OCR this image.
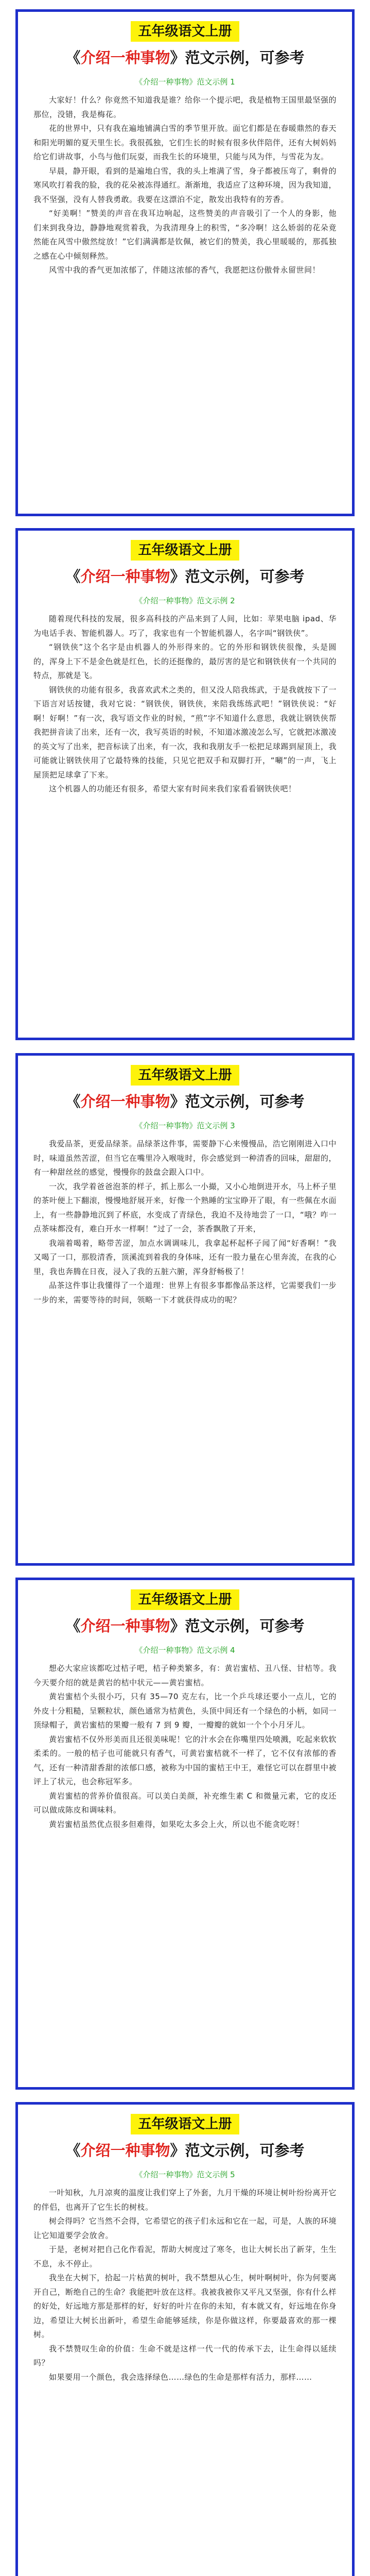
五年级语文上册
《介绍一种事物》范文示例，可参考
《介绍一种事物》范文示例 1

大家好！什么？你竟然不知道我是谁？给你一个提示吧，我是植物王国里最坚强的那位，没错，我是梅花。

花的世界中，只有我在遍地铺满白雪的季节里开放。面它们都是在春暖鼎然的春天和阳光明媚的夏天里生长。我很孤独，它们生长的时候有很多伙伴陪伴，还有大树妈妈给它们讲故事，小鸟与他们玩耍，而我生长的环境里，只能与风为伴，与雪花为友。

早晨，静开眼，看到的是遍地白雪，我的头上堆满了雪，身子都被压弯了，剩骨的寒风吹打着我的脸，我的花朵被冻得通红。渐渐地，我适应了这种环境，因为我知道，我不坚强，没有人替我勇敢。我要在这漂泊不定，散发出我特有的芳香。

“好美啊！”赞美的声音在我耳边响起，这些赞美的声音吸引了一个人的身影，他们来到我身边，静静地观赏着我，为我清理身上的积雪，“多冷啊！这么娇弱的花朵竟然能在风雪中傲然绽放！”它们满满都是钦佩，被它们的赞美，我心里暖暖的，那孤独之感在心中倾刻释然。

风雪中我的香气更加浓郁了，伴随这浓郁的香气，我愿把这份傲骨永留世间！

五年级语文上册
《介绍一种事物》范文示例，可参考
《介绍一种事物》范文示例 2

随着现代科技的发展，很多高科技的产品来到了人间，比如：苹果电脑 ipad、华为电话手表、智能机器人。巧了，我家也有一个智能机器人，名字叫“钢铁侠”。

“钢铁侠”这个名字是由机器人的外形得来的。它的外形和钢铁侠很像，头是圆的，浑身上下不是金色就是红色，长的还挺像的，最厉害的是它和钢铁侠有一个共同的特点，那就是飞。

钢铁侠的功能有很多，我喜欢武术之类的，但又没人陪我练武，于是我就按下了一下语言对话按键，我对它说：“钢铁侠，钢铁侠，来陪我练练武吧！”钢铁侠说：“好啊！好啊！”有一次，我写语文作业的时候，“煎”字不知道什么意思，我就让钢铁侠帮我把拼音读了出来，还有一次，我写英语的时候，不知道冰激凌怎么写，它就把冰激凌的英文写了出来，把音标读了出来，有一次，我和我朋友手一松把足球踢到屋顶上，我可能就让钢铁侠用了它最特殊的技能，只见它把双手和双脚打开，“唰”的一声，飞上屋顶把足球拿了下来。

这个机器人的功能还有很多，希望大家有时间来我们家看看钢铁侠吧！

五年级语文上册
《介绍一种事物》范文示例，可参考
《介绍一种事物》范文示例 3

我爱品茶，更爱品绿茶。品绿茶这件事，需要静下心来慢慢品，浩它刚刚进入口中时，味道虽然苦涩，但当它在嘴里冷入喉咙时，你会感觉到一种清香的回味，甜甜的，有一种甜丝丝的感觉，慢慢你的鼓盘会跟入口中。

一次，我学着爸爸泡茶的样子，抓上那么一小撮，又小心地倒进开水，马上杯子里的茶叶便上下翻滚，慢慢地舒展开来，好像一个熟睡的宝宝睁开了眼，有一些佩在水面上，有一些静静地沉到了杯底，水变成了青绿色，我迫不及待地尝了一口，“哦？咋一点茶味都没有，难白开水一样啊！”过了一会，茶香飘散了开来，

我端着喝着，略带苦涩，加点水调调味儿，我拿起杯起杯子闻了闻“好香啊！”我又喝了一口，那股清香，顶溪流到着我的身体味，还有一股力量在心里奔流，在我的心里，我也奔腾在日夜，浸入了我的五脏六腑，浑身舒畅极了！

品茶这件事让我懂得了一个道理：世界上有很多事都像品茶这样，它需要我们一步一步的来，需要等待的时间，领略一下才就获得成功的呢？

五年级语文上册
《介绍一种事物》范文示例，可参考
《介绍一种事物》范文示例 4

想必大家应该都吃过桔子吧，桔子种类繁多，有：黄岩蜜桔、丑八怪、甘桔等。我今天要介绍的就是黄岩的桔中状元——黄岩蜜桔。

黄岩蜜桔个头很小巧，只有 35—70 克左右，比一个乒乓球还要小一点儿，它的外皮十分粗糙，呈颗粒状，颜色通常为桔黄色，头顶中间还有一个绿色的小柄，如同一顶绿帽子，黄岩蜜桔的果瓣一般有 7 到 9 瓣，一瓣瓣的就如一个个小月牙儿。

黄岩蜜桔不仅外形美而且还很美味呢！它的汁水会在你嘴里四处喷溅，吃起来软软柔柔的。一般的桔子也可能就只有香气，可黄岩蜜桔就不一样了，它不仅有浓郁的香气，还有一种清甜香甜的浓郁口感，被称为中国的蜜桔王中王，难怪它可以在群里中被评上了状元，也会称冠军多。

黄岩蜜桔的营养价值很高。可以美白美颜，补充维生素 C 和微量元素，它的皮还可以做成陈皮和调味料。

黄岩蜜桔虽然优点很多但难得，如果吃太多会上火，所以也不能贪吃呀！

五年级语文上册
《介绍一种事物》范文示例，可参考
《介绍一种事物》范文示例 5

一叶知秋，九月凉爽的温度让我们穿上了外套，九月干燥的环境让树叶纷纷离开它的伴侣，也离开了它生长的树枝。

树会得吗？它当然不会得，它希望它的孩子们永远和它在一起，可是，人族的环境让它知道要学会放舍。

于是，老树对把自己化作看泥，帮助大树度过了寒冬，也让大树长出了新芽，生生不息，永不停止。

我坐在大树下，拾起一片枯黄的树叶，我不禁想从心生，树叶啊树叶，你为何要离开自己，断绝自己的生命？我能把叶放在这样。我被我被你又平凡又坚强，你有什么样的好处，好远地方那是那样的好，好好的叶片在你的未知，有本就又有，好远地在你身边，希望让大树长出新叶，希望生命能够延续，你是你做这样，你要最喜欢的那一棵树。

我不禁赞叹生命的价值：生命不就是这样一代一代的传承下去，让生命得以延续吗？

如果要用一个颜色，我会选择绿色……绿色的生命是那样有活力，那样……
